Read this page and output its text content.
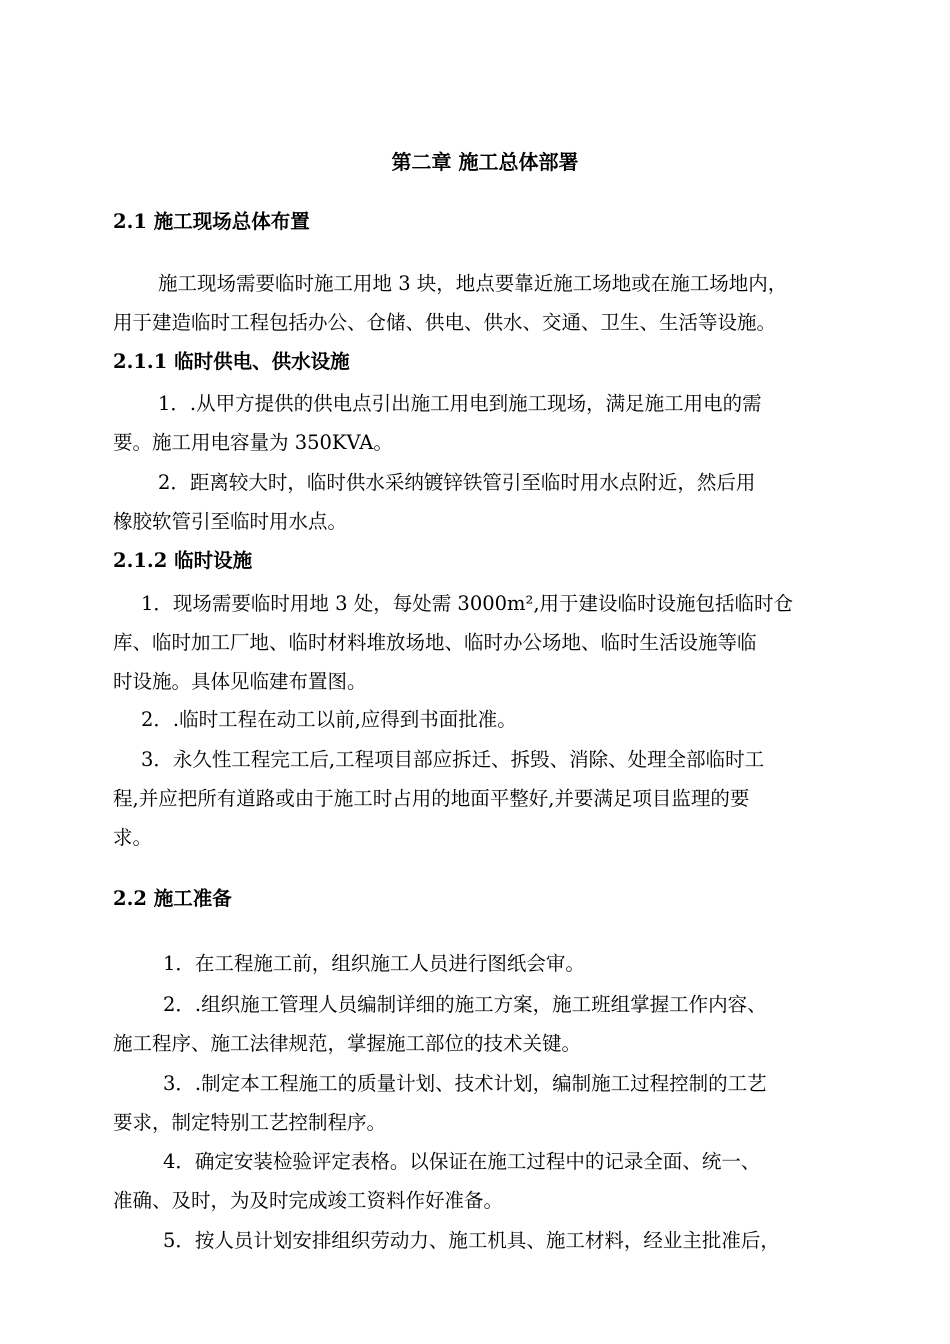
第二章 施工总体部署
2.1 施工现场总体布置
施工现场需要临时施工用地 3 块，地点要靠近施工场地或在施工场地内，
用于建造临时工程包括办公、仓储、供电、供水、交通、卫生、生活等设施。
2.1.1 临时供电、供水设施
1．.从甲方提供的供电点引出施工用电到施工现场，满足施工用电的需
要。施工用电容量为 350KVA。
2．距离较大时，临时供水采纳镀锌铁管引至临时用水点附近，然后用
橡胶软管引至临时用水点。
2.1.2 临时设施
1．现场需要临时用地 3 处，每处需 3000m²,用于建设临时设施包括临时仓
库、临时加工厂地、临时材料堆放场地、临时办公场地、临时生活设施等临
时设施。具体见临建布置图。
2．.临时工程在动工以前,应得到书面批准。
3．永久性工程完工后,工程项目部应拆迁、拆毁、消除、处理全部临时工
程,并应把所有道路或由于施工时占用的地面平整好,并要满足项目监理的要
求。
2.2 施工准备
1．在工程施工前，组织施工人员进行图纸会审。
2．.组织施工管理人员编制详细的施工方案，施工班组掌握工作内容、
施工程序、施工法律规范，掌握施工部位的技术关键。
3．.制定本工程施工的质量计划、技术计划，编制施工过程控制的工艺
要求，制定特别工艺控制程序。
4．确定安装检验评定表格。以保证在施工过程中的记录全面、统一、
准确、及时，为及时完成竣工资料作好准备。
5．按人员计划安排组织劳动力、施工机具、施工材料，经业主批准后，
